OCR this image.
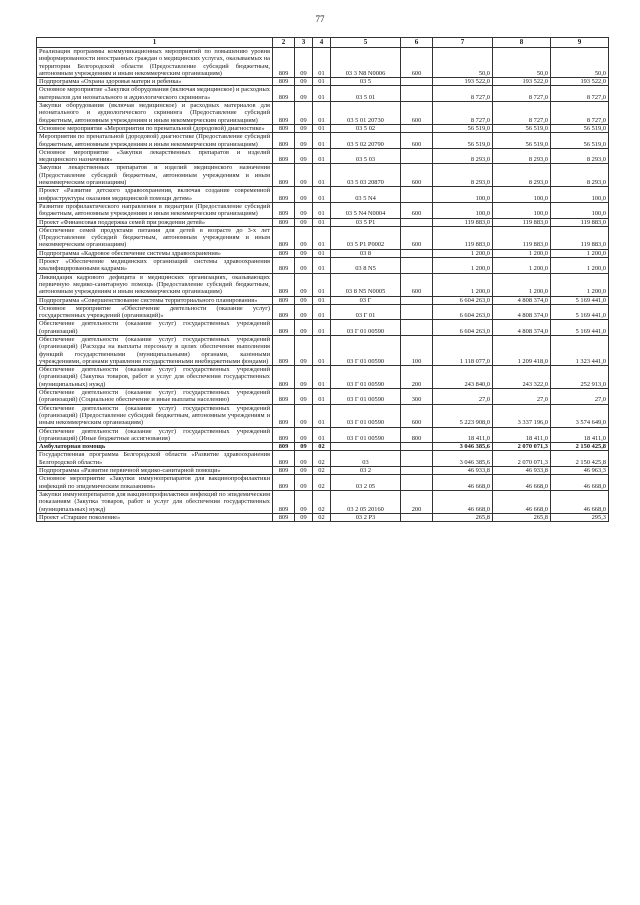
77
1	2	3	4	5	6	7	8	9
Реализация программы коммуникационных мероприятий по повышению уровня информированности иностранных граждан о медицинских услугах, оказываемых на территории Белгородской области (Предоставление субсидий бюджетным, автономным учреждениям и иным некоммерческим организациям)	809	09	01	03 3 N8 N0006	600	50,0	50,0	50,0
Подпрограмма «Охрана здоровья матери и ребенка»	809	09	01	03 5		193 522,0	193 522,0	193 522,0
Основное мероприятие «Закупки оборудования (включая медицинское) и расходных материалов для неонатального и аудиологического скрининга»	809	09	01	03 5 01		8 727,0	8 727,0	8 727,0
Закупки оборудования (включая медицинское) и расходных материалов для неонатального и аудиологического скрининга (Предоставление субсидий бюджетным, автономным учреждениям и иным некоммерческим организациям)	809	09	01	03 5 01 20730	600	8 727,0	8 727,0	8 727,0
Основное мероприятие «Мероприятия по пренатальной (дородовой) диагностике»	809	09	01	03 5 02		56 519,0	56 519,0	56 519,0
Мероприятия по пренатальной (дородовой) диагностике (Предоставление субсидий бюджетным, автономным учреждениям и иным некоммерческим организациям)	809	09	01	03 5 02 20790	600	56 519,0	56 519,0	56 519,0
Основное мероприятие «Закупки лекарственных препаратов и изделий медицинского назначения»	809	09	01	03 5 03		8 293,0	8 293,0	8 293,0
Закупки лекарственных препаратов и изделий медицинского назначения (Предоставление субсидий бюджетным, автономным учреждениям и иным некоммерческим организациям)	809	09	01	03 5 03 20870	600	8 293,0	8 293,0	8 293,0
Проект «Развитие детского здравоохранения, включая создание современной инфраструктуры оказания медицинской помощи детям»	809	09	01	03 5 N4		100,0	100,0	100,0
Развитие профилактического направления в педиатрии (Предоставление субсидий бюджетным, автономным учреждениям и иным некоммерческим организациям)	809	09	01	03 5 N4 N0004	600	100,0	100,0	100,0
Проект «Финансовая поддержка семей при рождении детей»	809	09	01	03 5 P1		119 883,0	119 883,0	119 883,0
Обеспечение семей продуктами питания для детей в возрасте до 3-х лет (Предоставление субсидий бюджетным, автономным учреждениям и иным некоммерческим организациям)	809	09	01	03 5 P1 P0002	600	119 883,0	119 883,0	119 883,0
Подпрограмма «Кадровое обеспечение системы здравоохранения»	809	09	01	03 8		1 200,0	1 200,0	1 200,0
Проект «Обеспечение медицинских организаций системы здравоохранения квалифицированными кадрами»	809	09	01	03 8 N5		1 200,0	1 200,0	1 200,0
Ликвидация кадрового дефицита в медицинских организациях, оказывающих первичную медико-санитарную помощь (Предоставление субсидий бюджетным, автономным учреждениям и иным некоммерческим организациям)	809	09	01	03 8 N5 N0005	600	1 200,0	1 200,0	1 200,0
Подпрограмма «Совершенствование системы территориального планирования»	809	09	01	03 Г		6 604 263,0	4 808 374,0	5 169 441,0
Основное мероприятие «Обеспечение деятельности (оказание услуг) государственных учреждений (организаций)»	809	09	01	03 Г 01		6 604 263,0	4 808 374,0	5 169 441,0
Обеспечение деятельности (оказание услуг) государственных учреждений (организаций)	809	09	01	03 Г 01 00590		6 604 263,0	4 808 374,0	5 169 441,0
Обеспечение деятельности (оказание услуг) государственных учреждений (организаций) (Расходы на выплаты персоналу в целях обеспечения выполнения функций государственными (муниципальными) органами, казенными учреждениями, органами управления государственными внебюджетными фондами)	809	09	01	03 Г 01 00590	100	1 118 077,0	1 209 418,0	1 323 441,0
Обеспечение деятельности (оказание услуг) государственных учреждений (организаций) (Закупка товаров, работ и услуг для обеспечения государственных (муниципальных) нужд)	809	09	01	03 Г 01 00590	200	243 840,0	243 322,0	252 913,0
Обеспечение деятельности (оказание услуг) государственных учреждений (организаций) (Социальное обеспечение и иные выплаты населению)	809	09	01	03 Г 01 00590	300	27,0	27,0	27,0
Обеспечение деятельности (оказание услуг) государственных учреждений (организаций) (Предоставление субсидий бюджетным, автономным учреждениям и иным некоммерческим организациям)	809	09	01	03 Г 01 00590	600	5 223 908,0	3 337 196,0	3 574 649,0
Обеспечение деятельности (оказание услуг) государственных учреждений (организаций) (Иные бюджетные ассигнования)	809	09	01	03 Г 01 00590	800	18 411,0	18 411,0	18 411,0
Амбулаторная помощь	809	09	02			3 046 385,6	2 070 071,3	2 150 425,8
Государственная программа Белгородской области «Развитие здравоохранения Белгородской области»	809	09	02	03		3 046 385,6	2 070 071,3	2 150 425,8
Подпрограмма «Развитие первичной медико-санитарной помощи»	809	09	02	03 2		46 933,8	46 933,8	46 963,3
Основное мероприятие «Закупки иммунопрепаратов для вакцинопрофилактики инфекций по эпидемическим показаниям»	809	09	02	03 2 05		46 668,0	46 668,0	46 668,0
Закупки иммунопрепаратов для вакцинопрофилактики инфекций по эпидемическим показаниям (Закупка товаров, работ и услуг для обеспечения государственных (муниципальных) нужд)	809	09	02	03 2 05 20160	200	46 668,0	46 668,0	46 668,0
Проект «Старшее поколение»	809	09	02	03 2 P3		265,8	265,8	295,3
